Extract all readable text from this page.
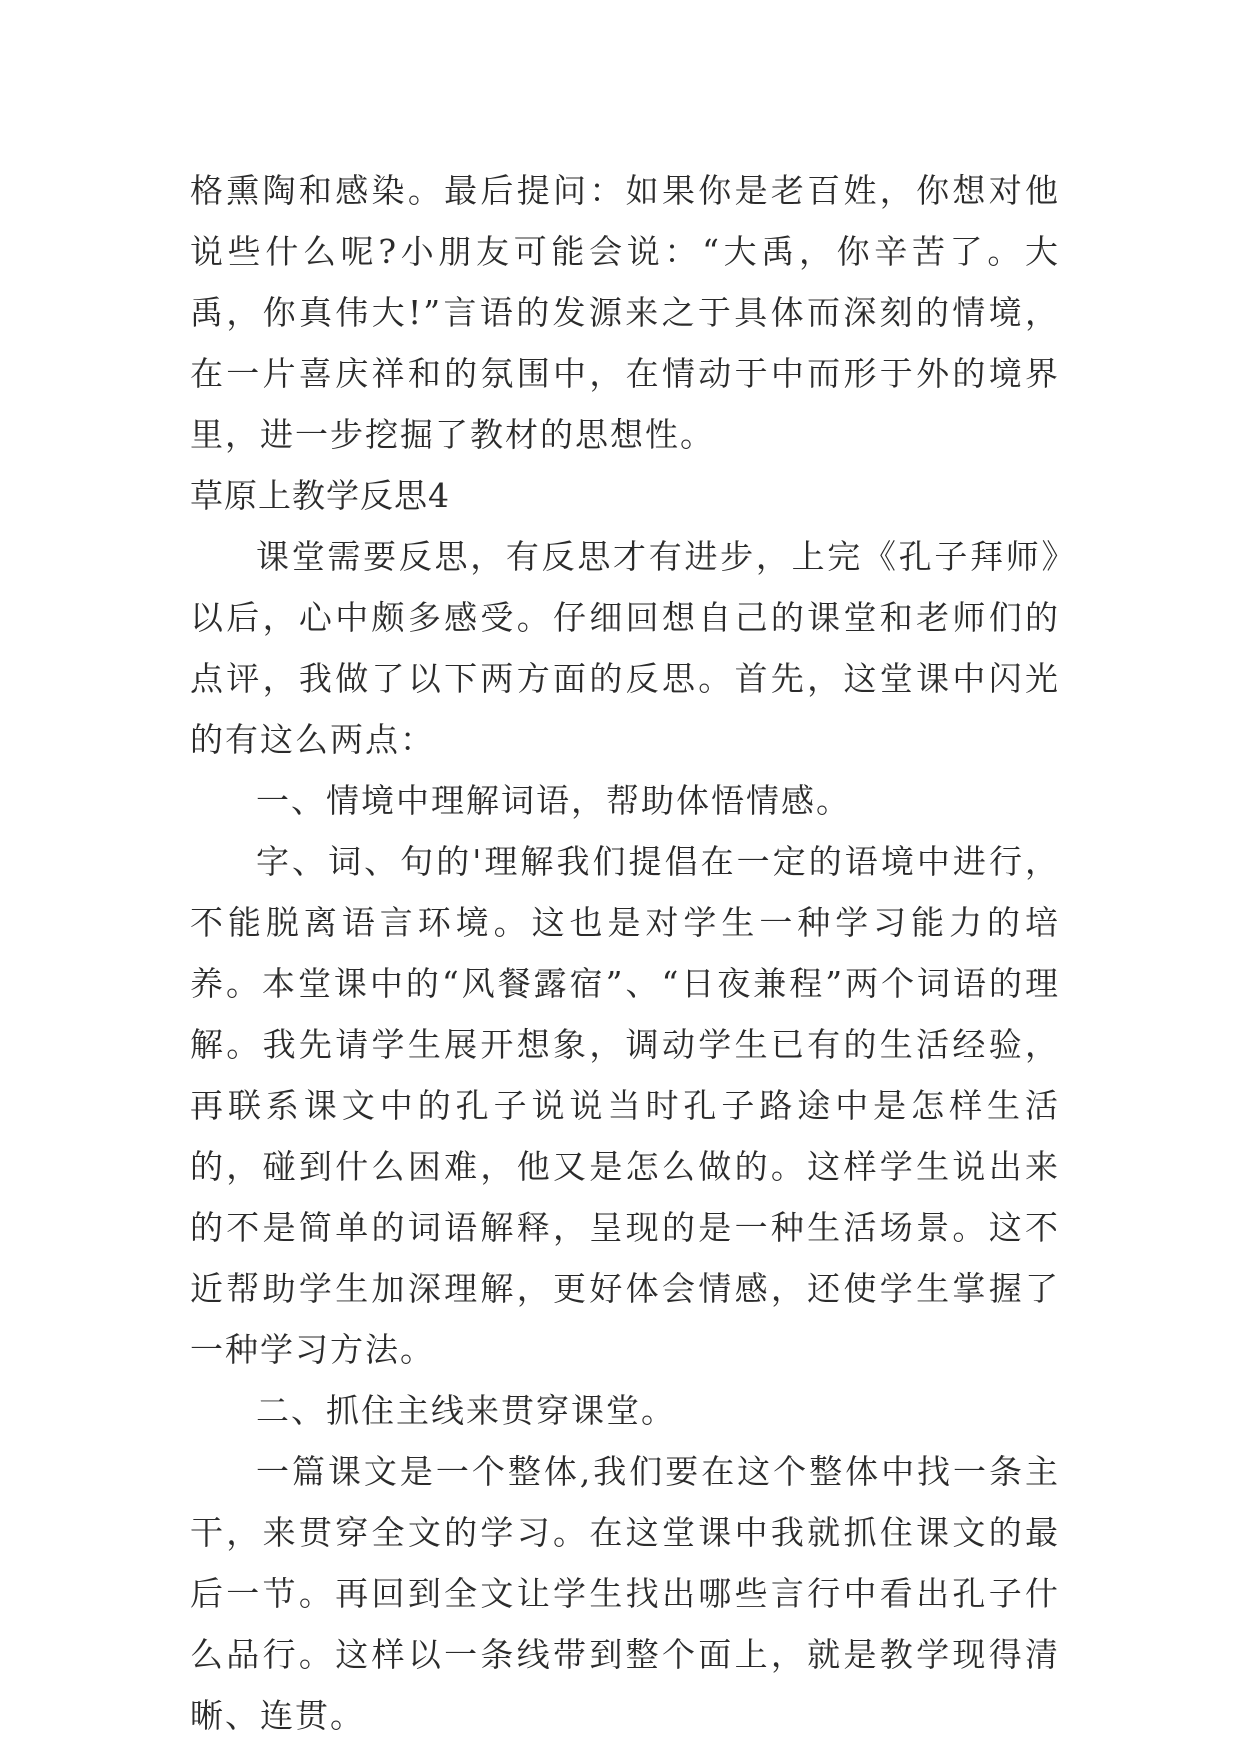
格熏陶和感染。最后提问：如果你是老百姓，你想对他说些什么呢?小朋友可能会说：“大禹，你辛苦了。大禹，你真伟大!”言语的发源来之于具体而深刻的情境，在一片喜庆祥和的氛围中，在情动于中而形于外的境界里，进一步挖掘了教材的思想性。

草原上教学反思4

课堂需要反思，有反思才有进步，上完《孔子拜师》以后，心中颇多感受。仔细回想自己的课堂和老师们的点评，我做了以下两方面的反思。首先，这堂课中闪光的有这么两点：

一、情境中理解词语，帮助体悟情感。

字、词、句的'理解我们提倡在一定的语境中进行，不能脱离语言环境。这也是对学生一种学习能力的培养。本堂课中的“风餐露宿”、“日夜兼程”两个词语的理解。我先请学生展开想象，调动学生已有的生活经验，再联系课文中的孔子说说当时孔子路途中是怎样生活的，碰到什么困难，他又是怎么做的。这样学生说出来的不是简单的词语解释，呈现的是一种生活场景。这不近帮助学生加深理解，更好体会情感，还使学生掌握了一种学习方法。

二、抓住主线来贯穿课堂。

一篇课文是一个整体,我们要在这个整体中找一条主干，来贯穿全文的学习。在这堂课中我就抓住课文的最后一节。再回到全文让学生找出哪些言行中看出孔子什么品行。这样以一条线带到整个面上，就是教学现得清晰、连贯。
